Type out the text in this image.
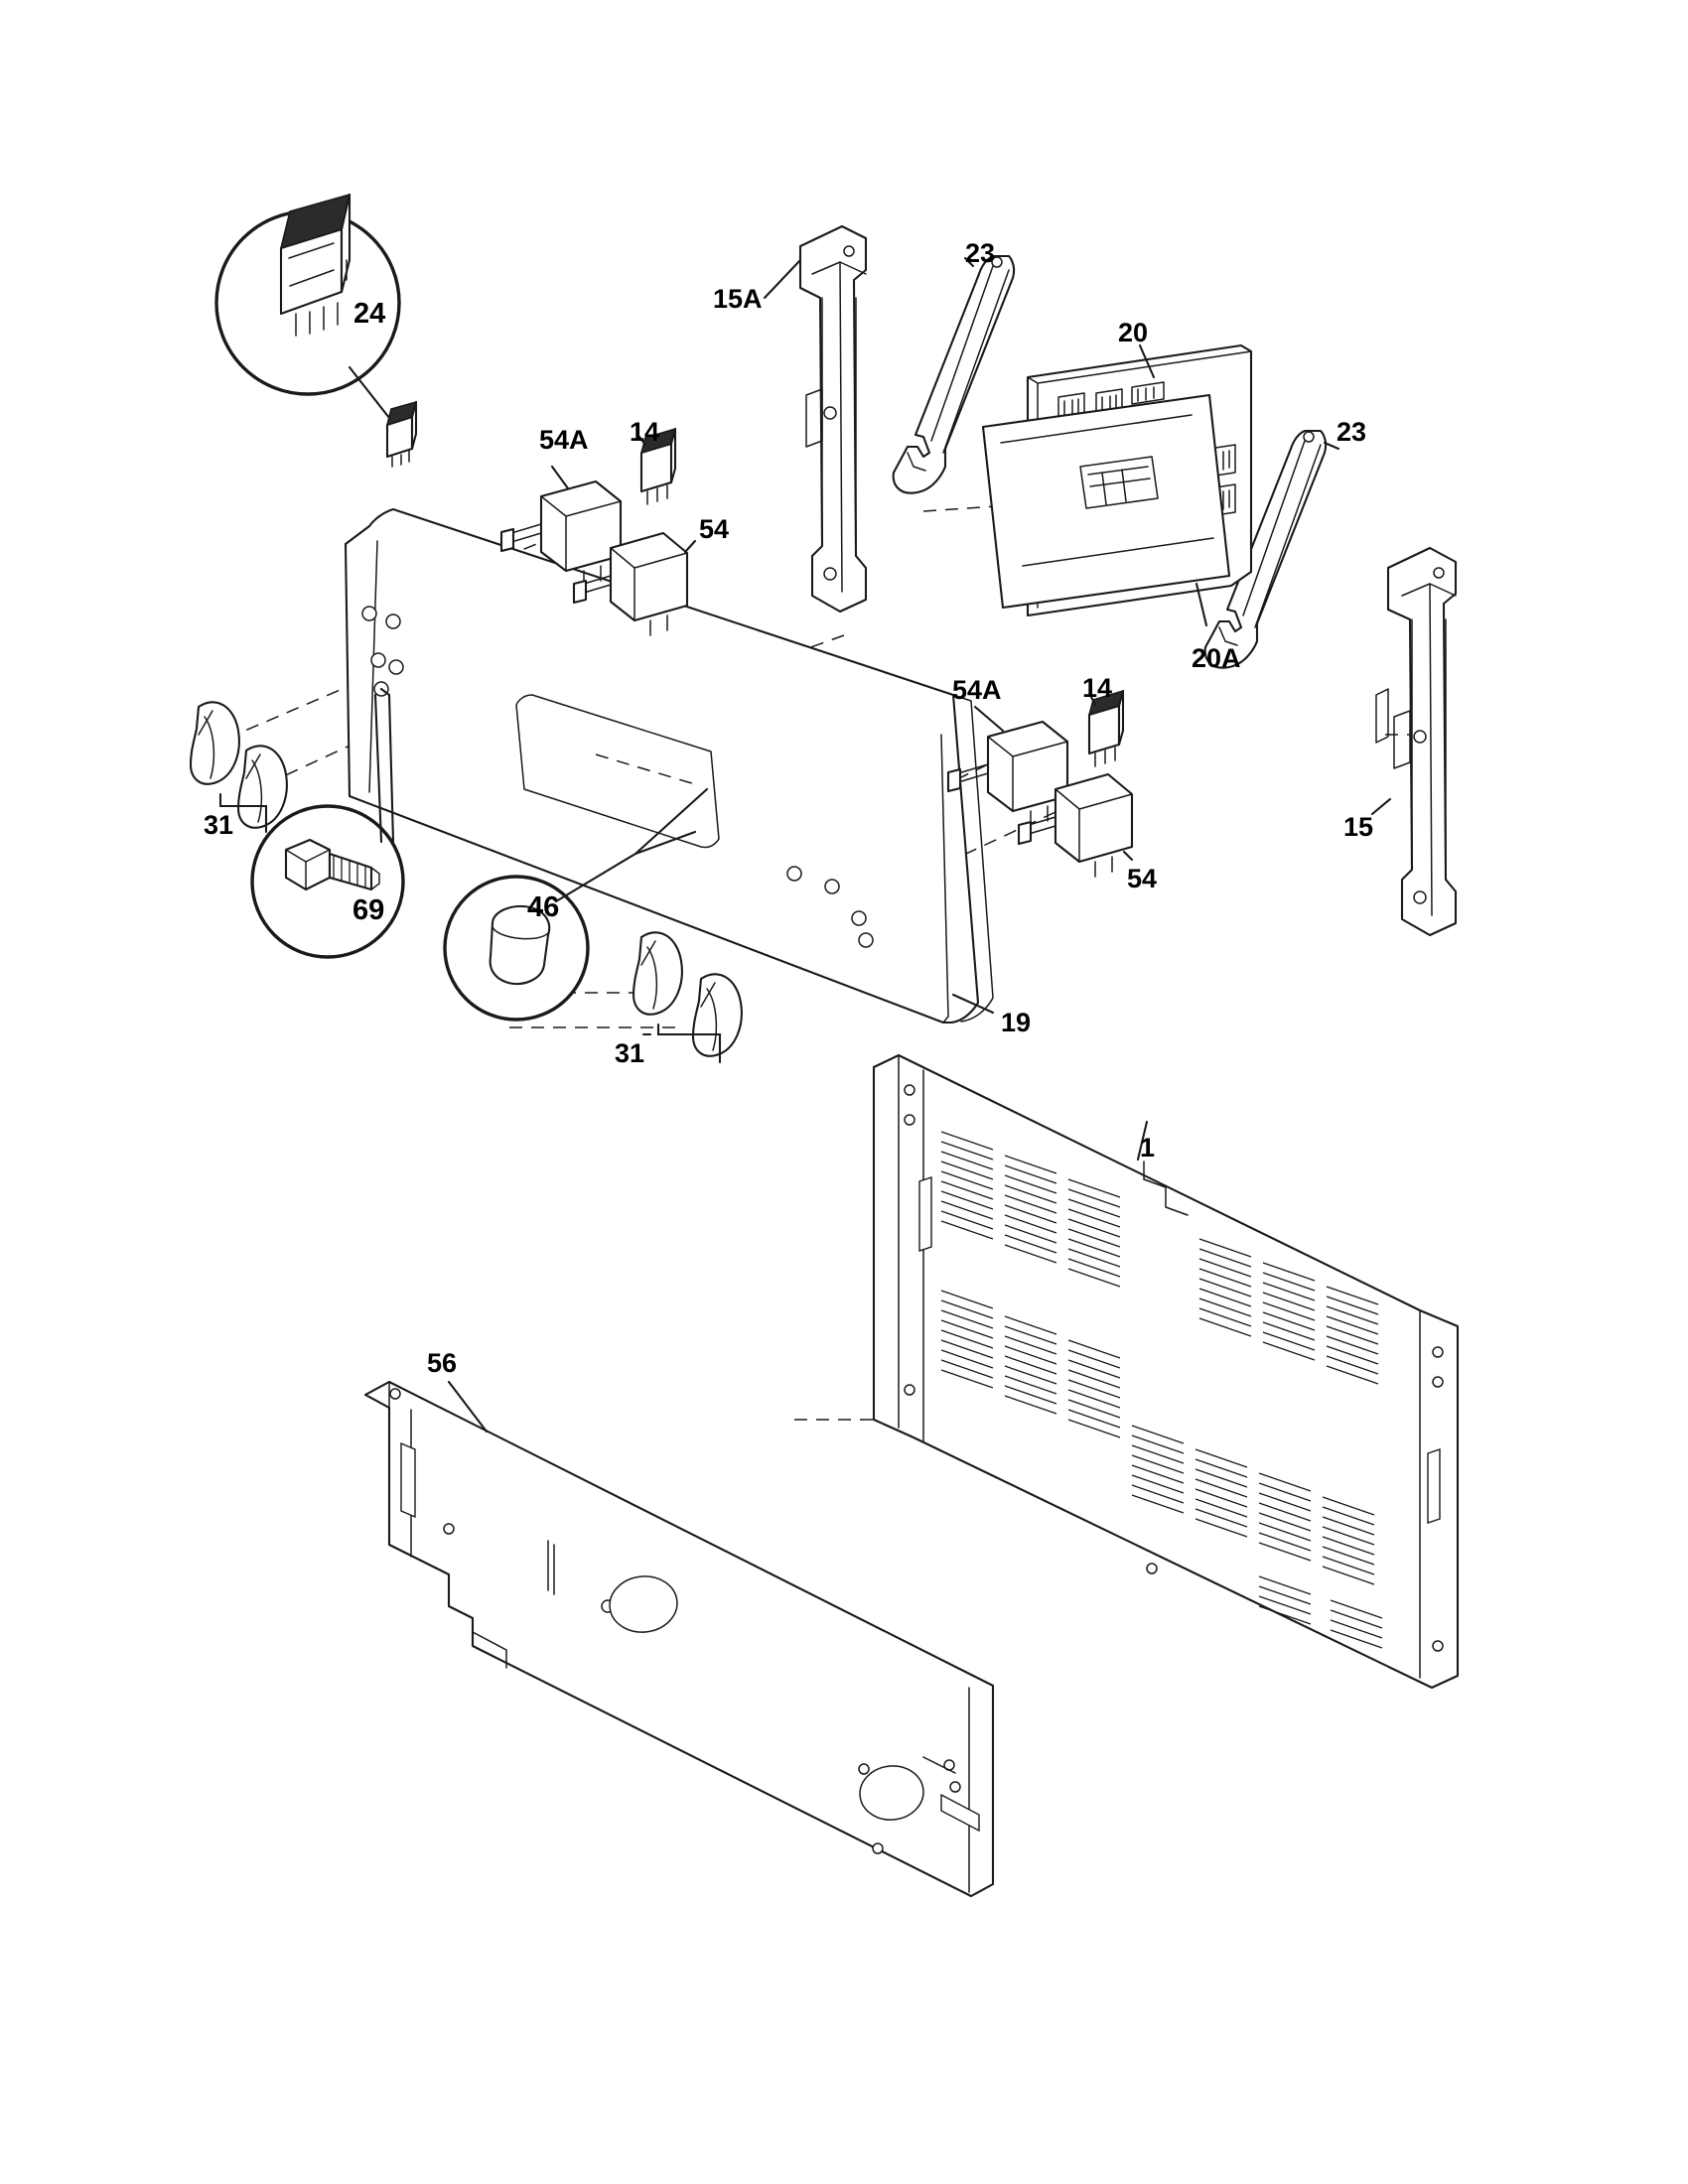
24	15A
23
20
23
54A 14
54
20A
54A	14
54
15
31
69	46
31
19
1
56
